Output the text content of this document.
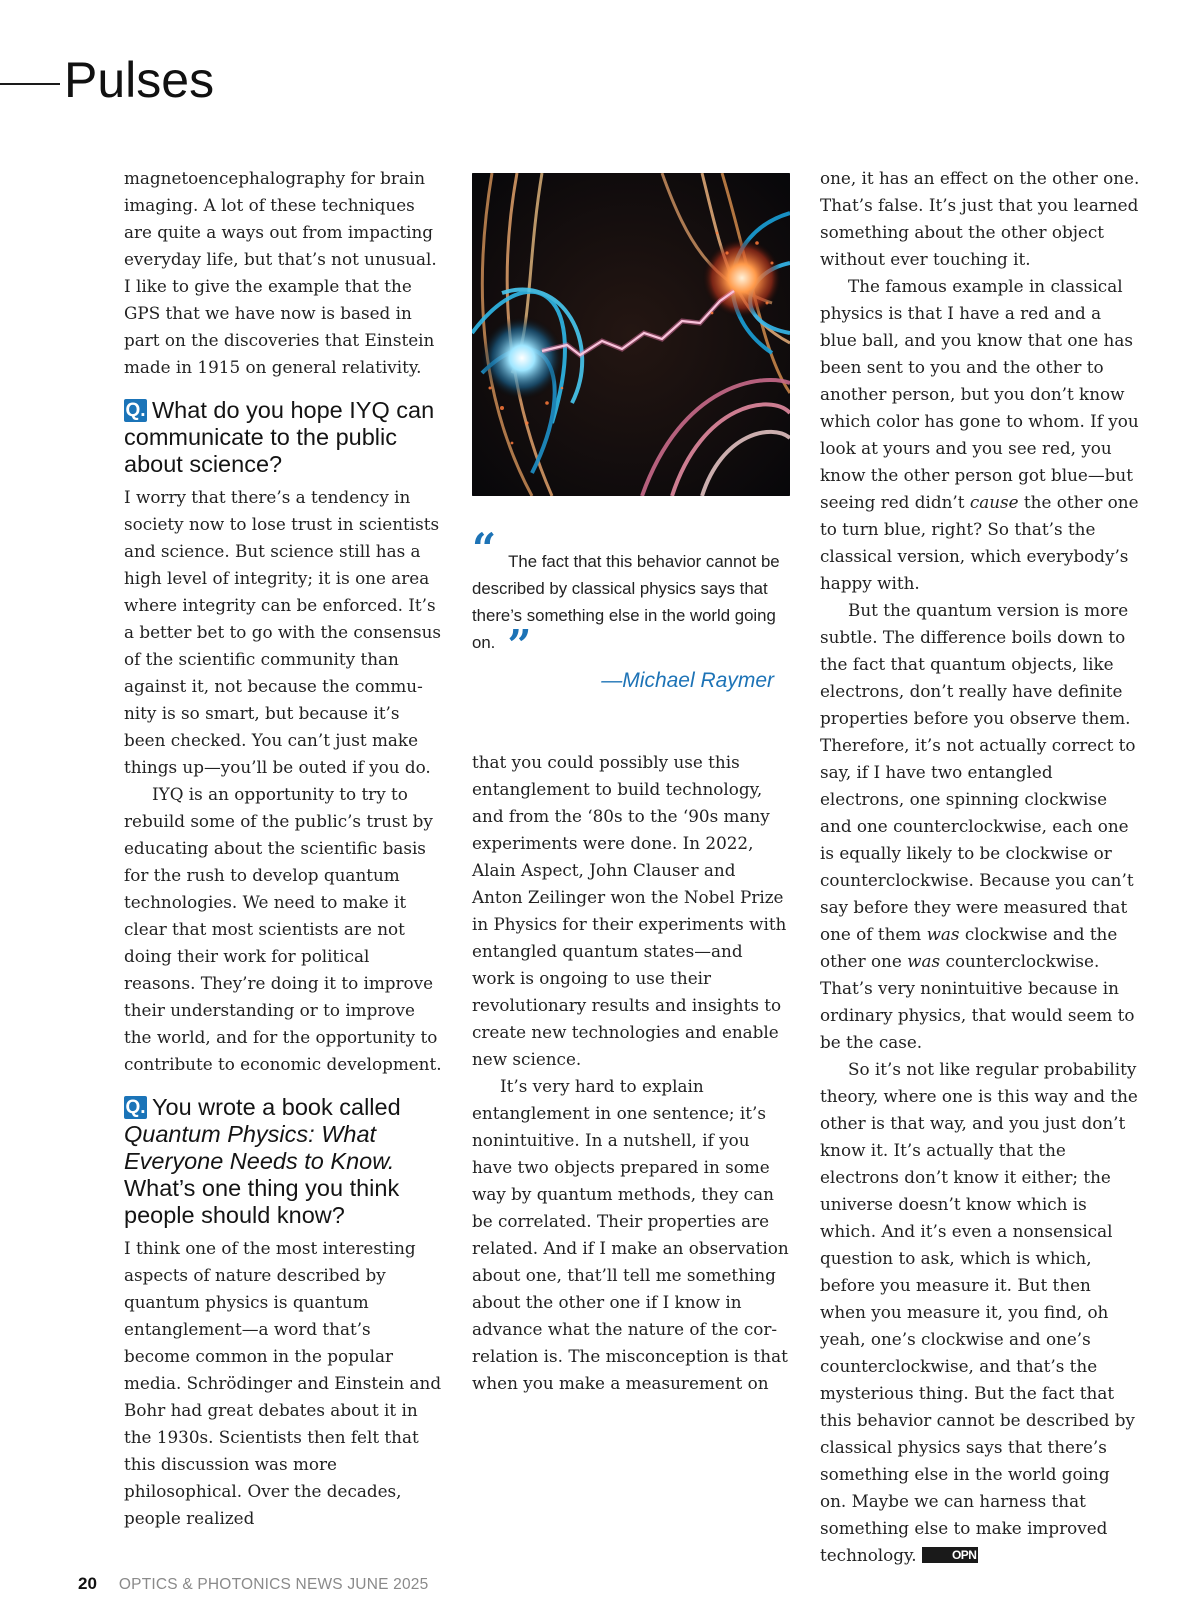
Pulses

magnetoencephalography for brain imaging. A lot of these techniques are quite a ways out from impacting everyday life, but that’s not unusual. I like to give the example that the GPS that we have now is based in part on the discoveries that Einstein made in 1915 on general relativity.

Q. What do you hope IYQ can communicate to the public about science?

I worry that there’s a tendency in society now to lose trust in scientists and science. But science still has a high level of integrity; it is one area where integrity can be enforced. It’s a better bet to go with the consensus of the scientific community than against it, not because the community is so smart, but because it’s been checked. You can’t just make things up—you’ll be outed if you do.

IYQ is an opportunity to try to rebuild some of the public’s trust by educating about the scientific basis for the rush to develop quantum technologies. We need to make it clear that most scientists are not doing their work for political reasons. They’re doing it to improve their understanding or to improve the world, and for the opportunity to contribute to economic development.

Q. You wrote a book called Quantum Physics: What Everyone Needs to Know. What’s one thing you think people should know?

I think one of the most interesting aspects of nature described by quantum physics is quantum entanglement—a word that’s become common in the popular media. Schrödinger and Einstein and Bohr had great debates about it in the 1930s. Scientists then felt that this discussion was more philosophical. Over the decades, people realized

“ The fact that this behavior cannot be described by classical physics says that there’s something else in the world going on. ”

—Michael Raymer

that you could possibly use this entanglement to build technology, and from the ‘80s to the ‘90s many experiments were done. In 2022, Alain Aspect, John Clauser and Anton Zeilinger won the Nobel Prize in Physics for their experiments with entangled quantum states—and work is ongoing to use their revolutionary results and insights to create new technologies and enable new science.

It’s very hard to explain entanglement in one sentence; it’s nonintuitive. In a nutshell, if you have two objects prepared in some way by quantum methods, they can be correlated. Their properties are related. And if I make an observation about one, that’ll tell me something about the other one if I know in advance what the nature of the correlation is. The misconception is that when you make a measurement on

one, it has an effect on the other one. That’s false. It’s just that you learned something about the other object without ever touching it.

The famous example in classical physics is that I have a red and a blue ball, and you know that one has been sent to you and the other to another person, but you don’t know which color has gone to whom. If you look at yours and you see red, you know the other person got blue—but seeing red didn’t cause the other one to turn blue, right? So that’s the classical version, which everybody’s happy with.

But the quantum version is more subtle. The difference boils down to the fact that quantum objects, like electrons, don’t really have definite properties before you observe them. Therefore, it’s not actually correct to say, if I have two entangled electrons, one spinning clockwise and one counterclockwise, each one is equally likely to be clockwise or counterclockwise. Because you can’t say before they were measured that one of them was clockwise and the other one was counterclockwise. That’s very nonintuitive because in ordinary physics, that would seem to be the case.

So it’s not like regular probability theory, where one is this way and the other is that way, and you just don’t know it. It’s actually that the electrons don’t know it either; the universe doesn’t know which is which. And it’s even a nonsensical question to ask, which is which, before you measure it. But then when you measure it, you find, oh yeah, one’s clockwise and one’s counterclockwise, and that’s the mysterious thing. But the fact that this behavior cannot be described by classical physics says that there’s something else in the world going on. Maybe we can harness that something else to make improved technology.	OPN

20 OPTICS & PHOTONICS NEWS JUNE 2025
